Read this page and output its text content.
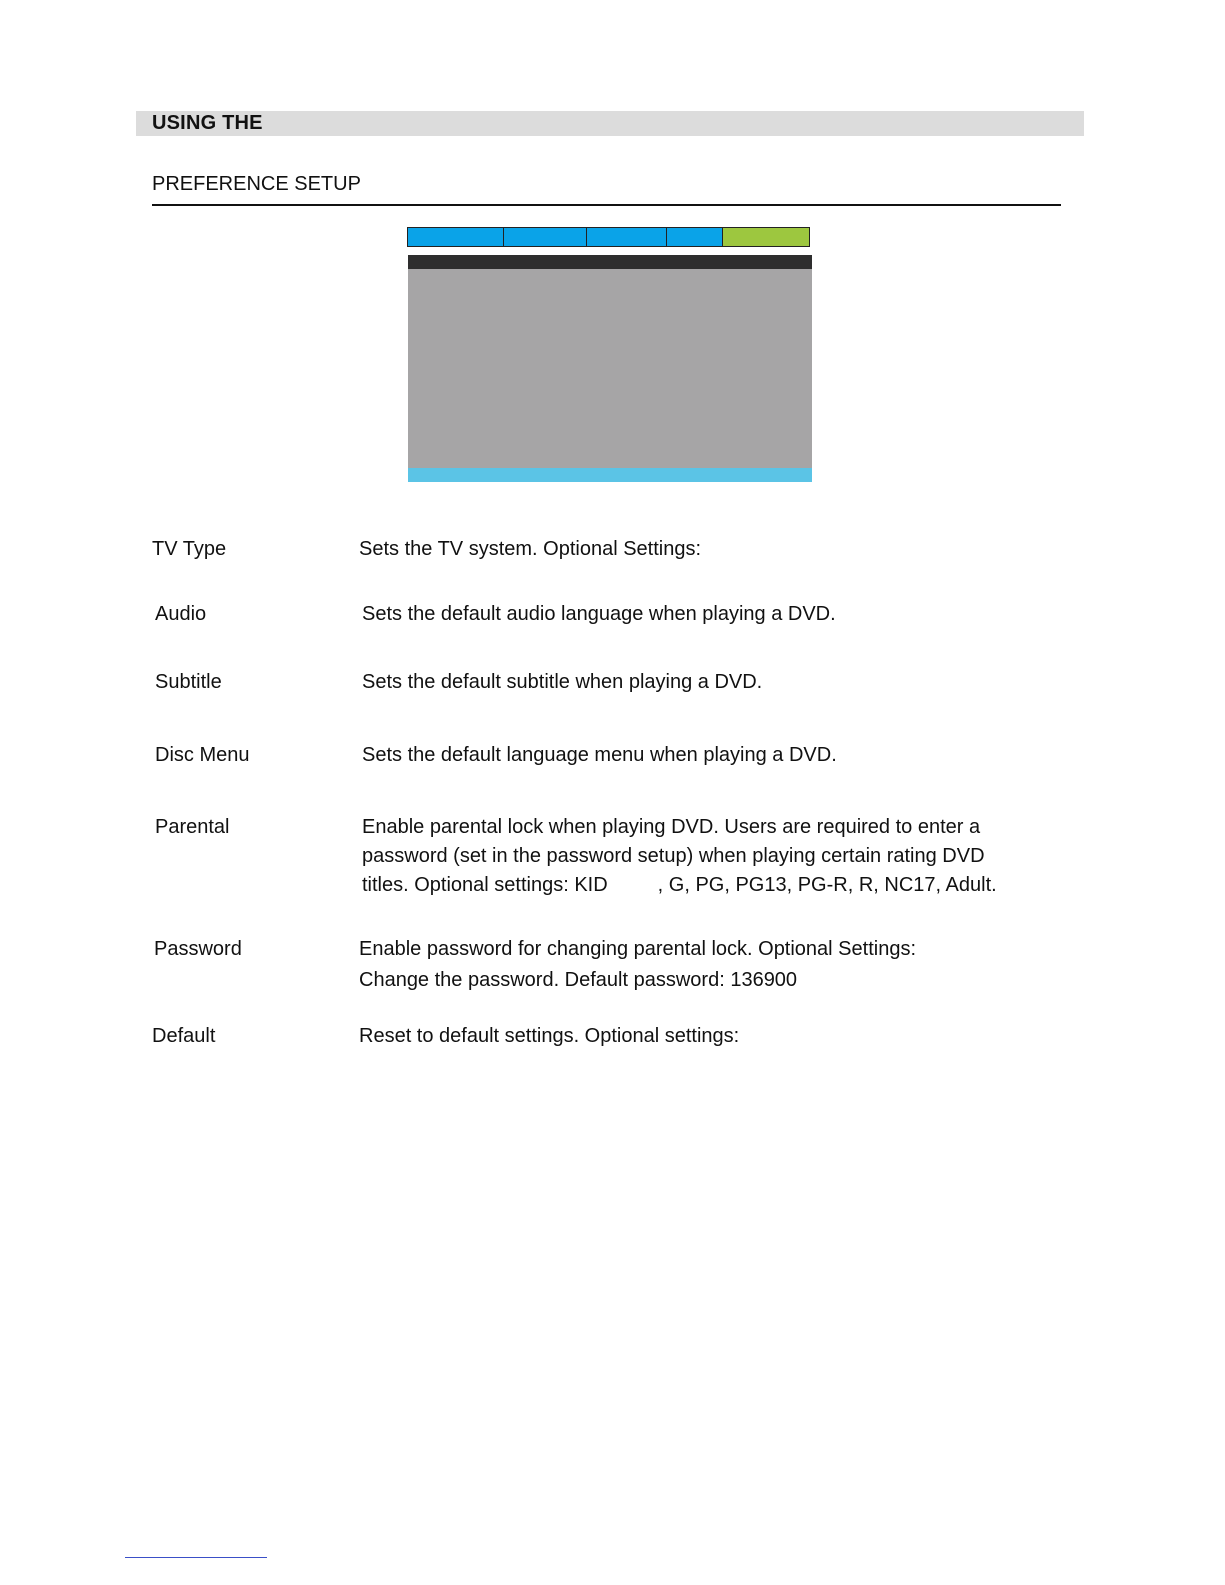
USING THE
PREFERENCE SETUP
TV Type	Sets the TV system. Optional Settings:
Audio	Sets the default audio language when playing a DVD.
Subtitle	Sets the default subtitle when playing a DVD.
Disc Menu	Sets the default language menu when playing a DVD.
Parental	Enable parental lock when playing DVD. Users are required to enter a
password (set in the password setup) when playing certain rating DVD
titles. Optional settings: KID	, G, PG, PG13, PG-R, R, NC17, Adult.
Password	Enable password for changing parental lock. Optional Settings:
Change the password. Default password: 136900
Default	Reset to default settings. Optional settings:
